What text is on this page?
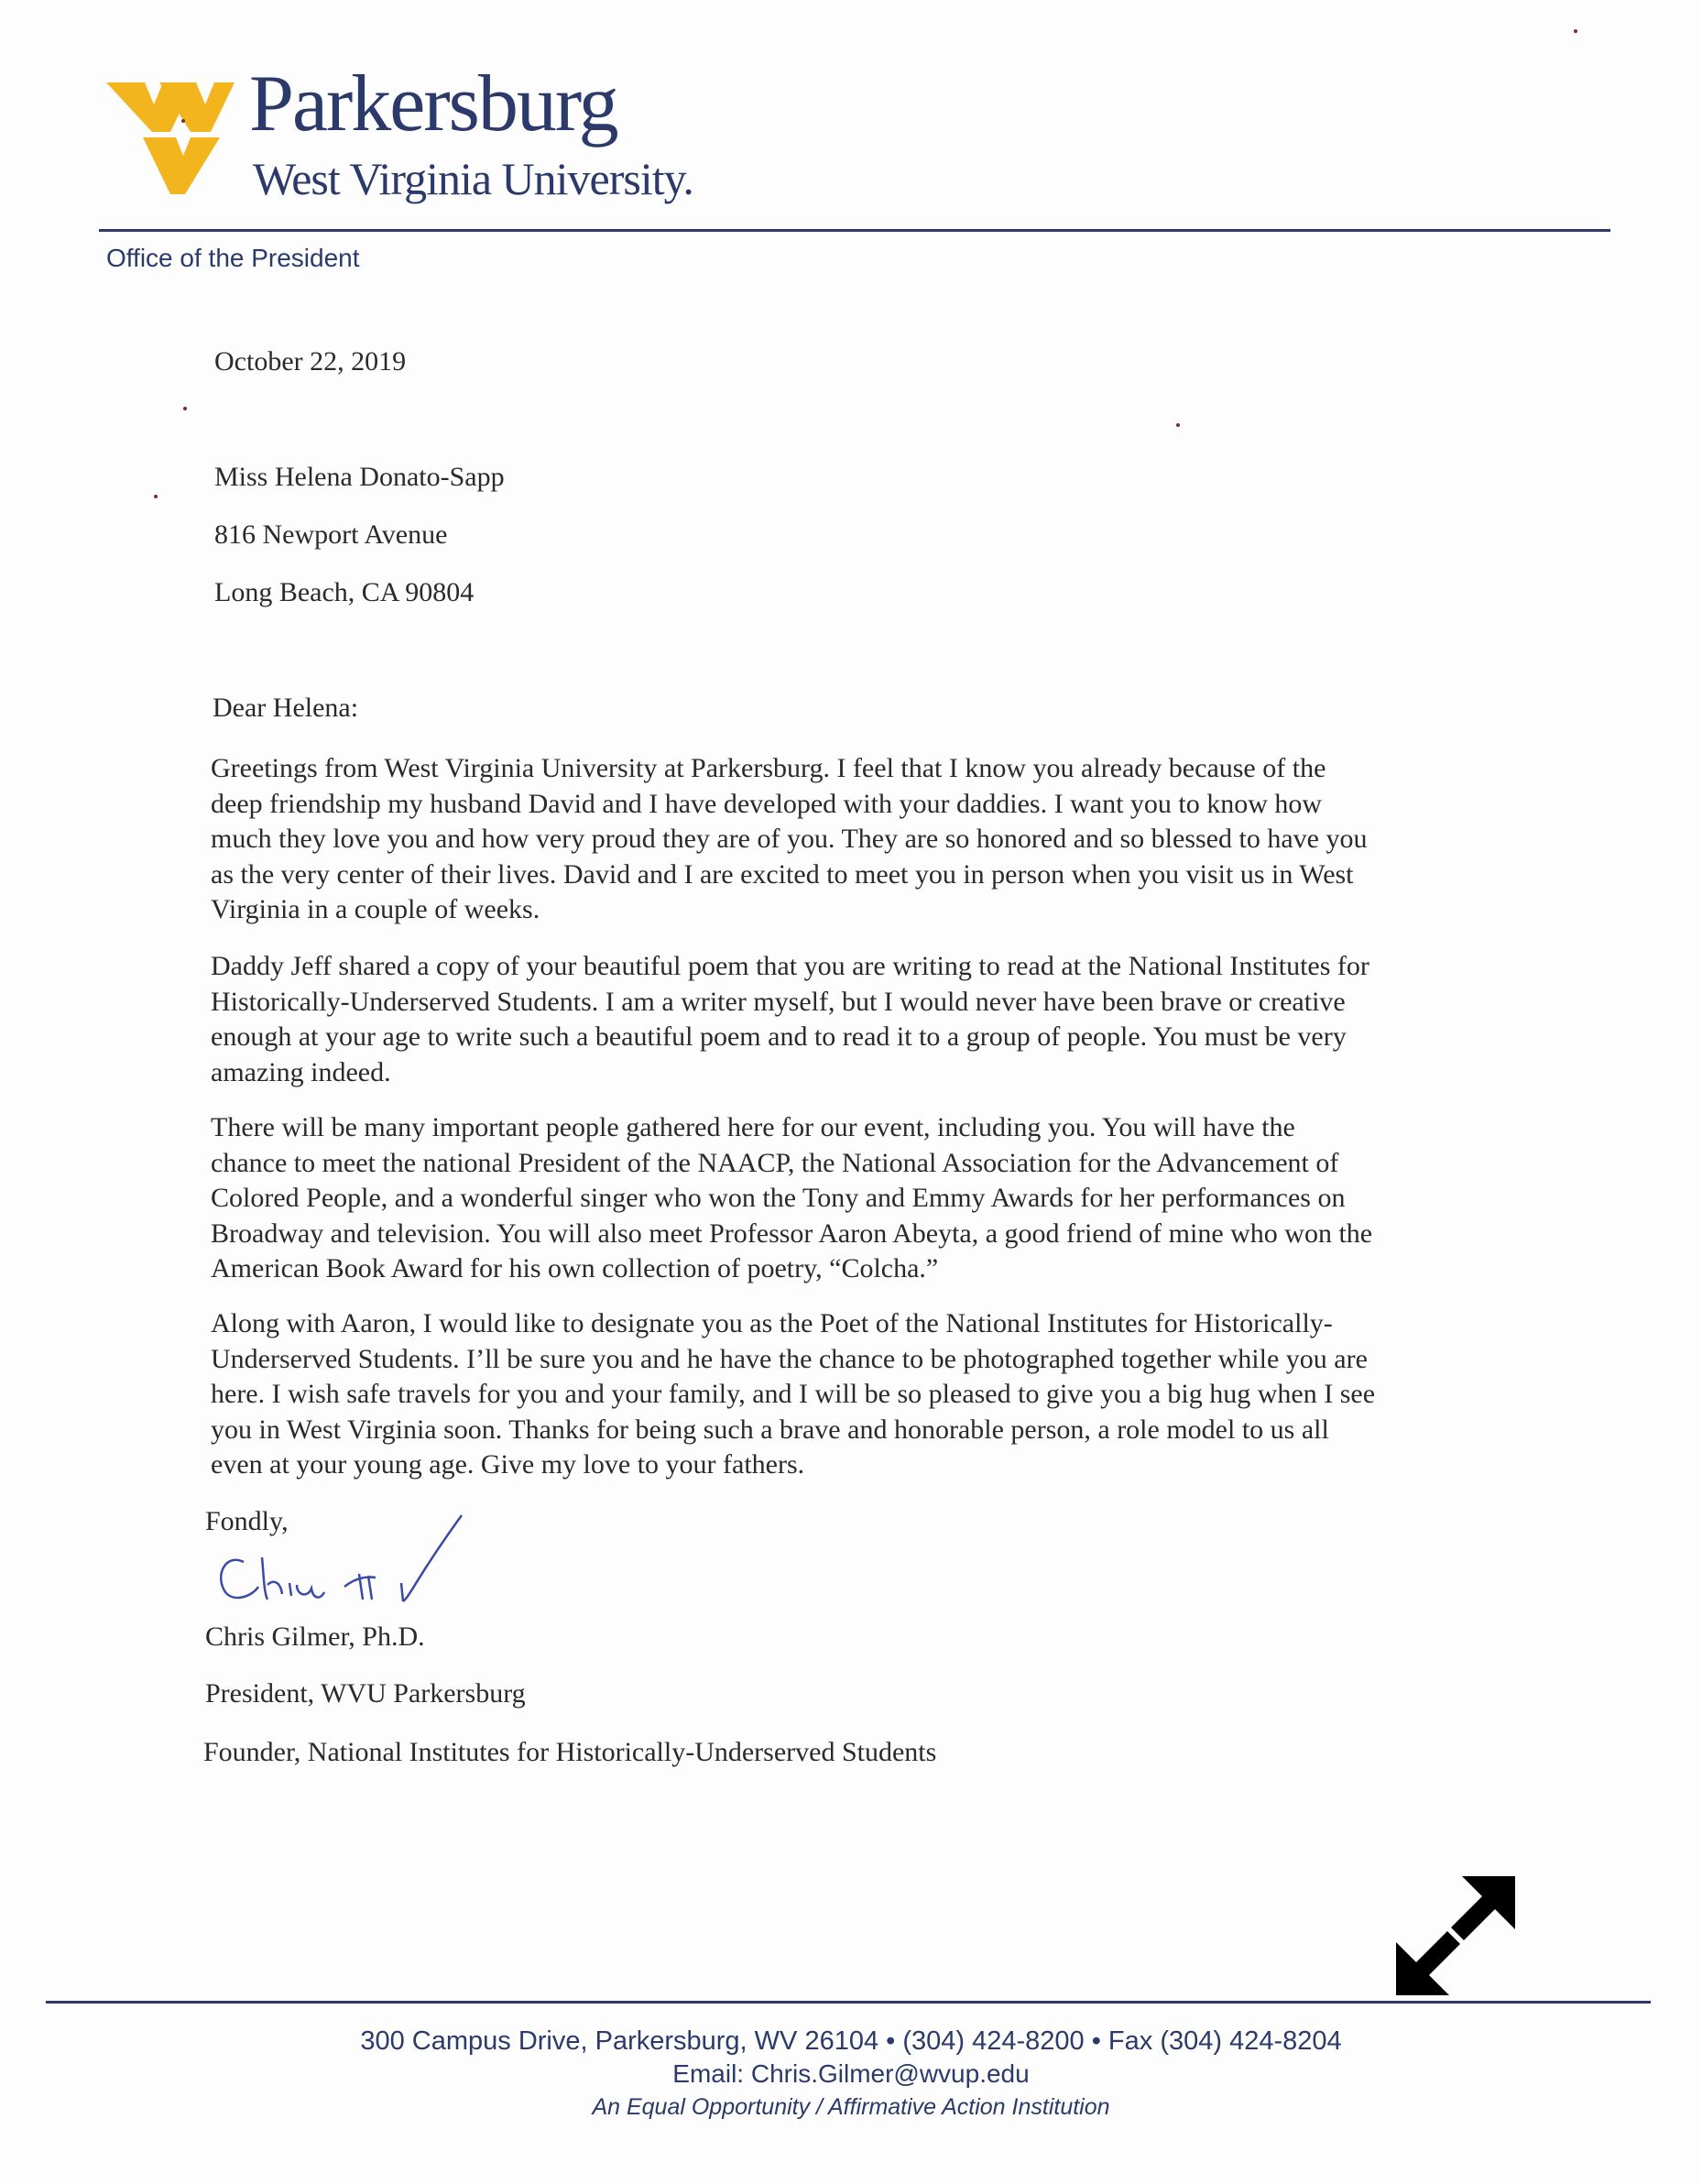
Parkersburg
West Virginia University.
Office of the President
October 22, 2019
Miss Helena Donato-Sapp
816 Newport Avenue
Long Beach, CA 90804
Dear Helena:
Greetings from West Virginia University at Parkersburg. I feel that I know you already because of the
deep friendship my husband David and I have developed with your daddies. I want you to know how
much they love you and how very proud they are of you. They are so honored and so blessed to have you
as the very center of their lives. David and I are excited to meet you in person when you visit us in West
Virginia in a couple of weeks.
Daddy Jeff shared a copy of your beautiful poem that you are writing to read at the National Institutes for
Historically-Underserved Students. I am a writer myself, but I would never have been brave or creative
enough at your age to write such a beautiful poem and to read it to a group of people. You must be very
amazing indeed.
There will be many important people gathered here for our event, including you. You will have the
chance to meet the national President of the NAACP, the National Association for the Advancement of
Colored People, and a wonderful singer who won the Tony and Emmy Awards for her performances on
Broadway and television. You will also meet Professor Aaron Abeyta, a good friend of mine who won the
American Book Award for his own collection of poetry, “Colcha.”
Along with Aaron, I would like to designate you as the Poet of the National Institutes for Historically-
Underserved Students. I’ll be sure you and he have the chance to be photographed together while you are
here. I wish safe travels for you and your family, and I will be so pleased to give you a big hug when I see
you in West Virginia soon. Thanks for being such a brave and honorable person, a role model to us all
even at your young age. Give my love to your fathers.
Fondly,
Chris Gilmer, Ph.D.
President, WVU Parkersburg
Founder, National Institutes for Historically-Underserved Students
300 Campus Drive, Parkersburg, WV 26104 • (304) 424-8200 • Fax (304) 424-8204
Email: Chris.Gilmer@wvup.edu
An Equal Opportunity / Affirmative Action Institution
